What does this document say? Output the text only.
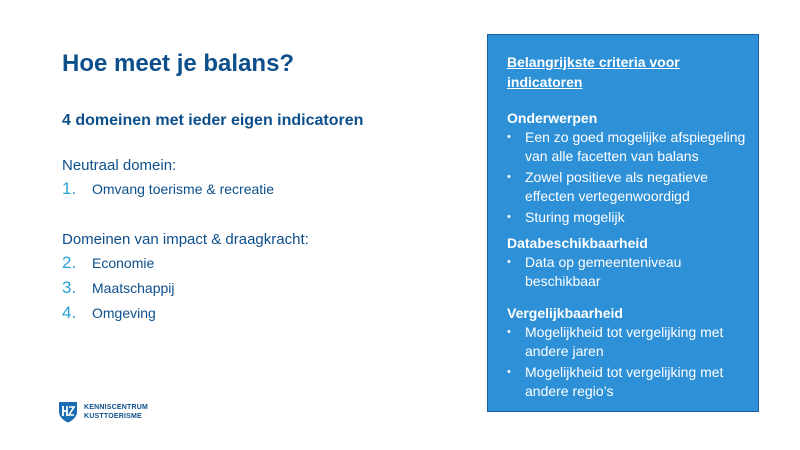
Hoe meet je balans?
4 domeinen met ieder eigen indicatoren
Neutraal domein:
1.	Omvang toerisme & recreatie
Domeinen van impact & draagkracht:
2.	Economie
3.	Maatschappij
4.	Omgeving
Belangrijkste criteria voor indicatoren
Onderwerpen
•	Een zo goed mogelijke afspiegeling van alle facetten van balans
•	Zowel positieve als negatieve effecten vertegenwoordigd
•	Sturing mogelijk
Databeschikbaarheid
•	Data op gemeenteniveau beschikbaar
Vergelijkbaarheid
•	Mogelijkheid tot vergelijking met andere jaren
•	Mogelijkheid tot vergelijking met andere regio’s
KENNISCENTRUM
KUSTTOERISME
